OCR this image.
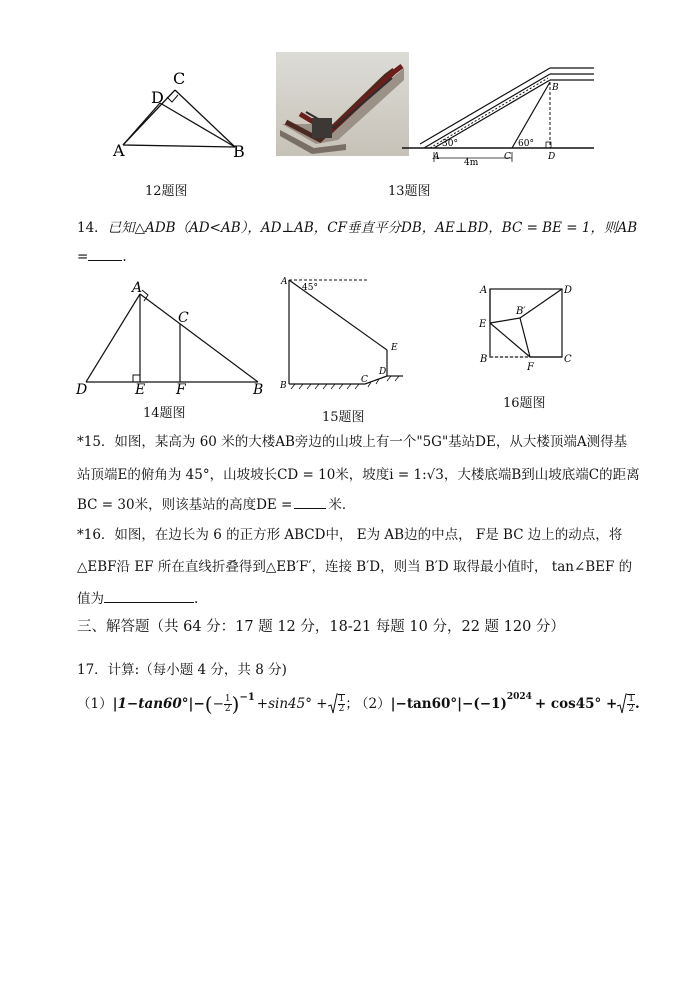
A	B
C
D
12题图
A
B
C	D
30°	60°
4m
13题图
14．已知△ADB（AD<AB），AD⊥AB，CF垂直平分DB，AE⊥BD，BC = BE = 1，则AB
=	.
D	E F	B
A
C
14题图
A
B
C
D
E
45°
15题图
A	D
B	C
E
F
B′
16题图
*15．如图，某高为 60 米的大楼AB旁边的山坡上有一个"5G"基站DE，从大楼顶端A测得基
站顶端E的俯角为 45°，山坡坡长CD = 10米，坡度i = 1:√3，大楼底端B到山坡底端C的距离
BC = 30米，则该基站的高度DE =	米．
*16．如图，在边长为 6 的正方形 ABCD中， E为 AB边的中点， F是 BC 边上的动点，将
△EBF沿 EF 所在直线折叠得到△EB′F′，连接 B′D，则当 B′D 取得最小值时， tan∠BEF 的
值为	.
三、解答题（共 64 分：17 题 12 分，18-21 每题 10 分，22 题 120 分）
17．计算:（每小题 4 分，共 8 分)
（1） |1−tan60°| − ( − $\frac{1}{2} )^{-1} +\sin 45^\circ + \frac{1}{2}$ ；
（2） $|-\tan 60^\circ|-(-1)^{2024} + \cos 45^\circ + \frac{1}{2}$ .
